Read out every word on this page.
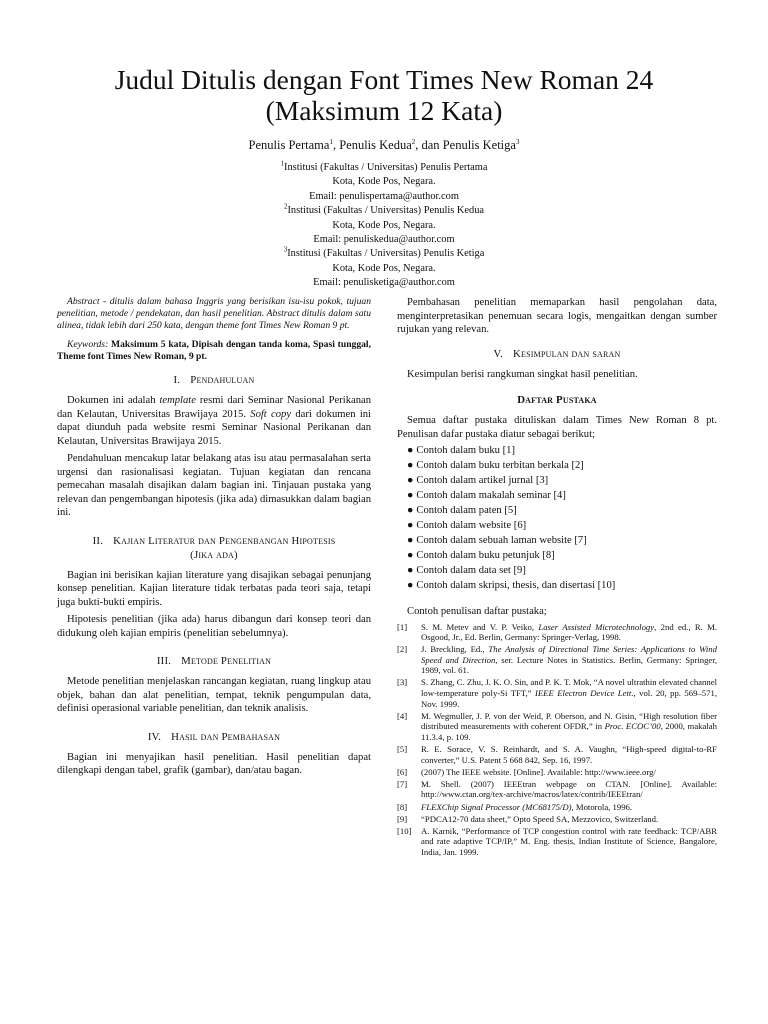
Judul Ditulis dengan Font Times New Roman 24
(Maksimum 12 Kata)
Penulis Pertama$^1$, Penulis Kedua$^2$, dan Penulis Ketiga$^3$
$^1$Institusi (Fakultas / Universitas) Penulis Pertama
Kota, Kode Pos, Negara.
Email: penulispertama@author.com
$^2$Institusi (Fakultas / Universitas) Penulis Kedua
Kota, Kode Pos, Negara.
Email: penuliskedua@author.com
$^3$Institusi (Fakultas / Universitas) Penulis Ketiga
Kota, Kode Pos, Negara.
Email: penulisketiga@author.com

Abstract - ditulis dalam bahasa Inggris yang berisikan isu-isu pokok, tujuan penelitian, metode / pendekatan, dan hasil penelitian. Abstract ditulis dalam satu alinea, tidak lebih dari 250 kata, dengan theme font Times New Roman 9 pt.

Keywords: Maksimum 5 kata, Dipisah dengan tanda koma, Spasi tunggal, Theme font Times New Roman, 9 pt.

I. Pendahuluan

Dokumen ini adalah template resmi dari Seminar Nasional Perikanan dan Kelautan, Universitas Brawijaya 2015. Soft copy dari dokumen ini dapat diunduh pada website resmi Seminar Nasional Perikanan dan Kelautan, Universitas Brawijaya 2015.

Pendahuluan mencakup latar belakang atas isu atau permasalahan serta urgensi dan rasionalisasi kegiatan. Tujuan kegiatan dan rencana pemecahan masalah disajikan dalam bagian ini. Tinjauan pustaka yang relevan dan pengembangan hipotesis (jika ada) dimasukkan dalam bagian ini.

II. Kajian Literatur dan Pengenbangan Hipotesis
(Jika ada)

Bagian ini berisikan kajian literature yang disajikan sebagai penunjang konsep penelitian. Kajian literature tidak terbatas pada teori saja, tetapi juga bukti-bukti empiris.

Hipotesis penelitian (jika ada) harus dibangun dari konsep teori dan didukung oleh kajian empiris (penelitian sebelumnya).

III. Metode Penelitian

Metode penelitian menjelaskan rancangan kegiatan, ruang lingkup atau objek, bahan dan alat penelitian, tempat, teknik pengumpulan data, definisi operasional variable penelitian, dan teknik analisis.

IV. Hasil dan Pembahasan

Bagian ini menyajikan hasil penelitian. Hasil penelitian dapat dilengkapi dengan tabel, grafik (gambar), dan/atau bagan.

Pembahasan penelitian memaparkan hasil pengolahan data, menginterpretasikan penemuan secara logis, mengaitkan dengan sumber rujukan yang relevan.

V. Kesimpulan dan saran

Kesimpulan berisi rangkuman singkat hasil penelitian.

Daftar Pustaka

Semua daftar pustaka dituliskan dalam Times New Roman 8 pt. Penulisan dafar pustaka diatur sebagai berikut;

● Contoh dalam buku [1]
● Contoh dalam buku terbitan berkala [2]
● Contoh dalam artikel jurnal [3]
● Contoh dalam makalah seminar [4]
● Contoh dalam paten [5]
● Contoh dalam website [6]
● Contoh dalam sebuah laman website [7]
● Contoh dalam buku petunjuk [8]
● Contoh dalam data set [9]
● Contoh dalam skripsi, thesis, dan disertasi [10]

Contoh penulisan daftar pustaka;

[1]	S. M. Metev and V. P. Veiko, Laser Assisted Microtechnology, 2nd ed., R. M. Osgood, Jr., Ed. Berlin, Germany: Springer-Verlag, 1998.
[2]	J. Breckling, Ed., The Analysis of Directional Time Series: Applications to Wind Speed and Direction, ser. Lecture Notes in Statistics. Berlin, Germany: Springer, 1989, vol. 61.
[3]	S. Zhang, C. Zhu, J. K. O. Sin, and P. K. T. Mok, “A novel ultrathin elevated channel low-temperature poly-Si TFT,” IEEE Electron Device Lett., vol. 20, pp. 569–571, Nov. 1999.
[4]	M. Wegmuller, J. P. von der Weid, P. Oberson, and N. Gisin, “High resolution fiber distributed measurements with coherent OFDR,” in Proc. ECOC’00, 2000, makalah 11.3.4, p. 109.
[5]	R. E. Sorace, V. S. Reinhardt, and S. A. Vaughn, “High-speed digital-to-RF converter,” U.S. Patent 5 668 842, Sep. 16, 1997.
[6]	(2007) The IEEE website. [Online]. Available: http://www.ieee.org/
[7]	M. Shell. (2007) IEEEtran webpage on CTAN. [Online]. Available: http://www.ctan.org/tex-archive/macros/latex/contrib/IEEEtran/
[8]	FLEXChip Signal Processor (MC68175/D), Motorola, 1996.
[9]	“PDCA12-70 data sheet,” Opto Speed SA, Mezzovico, Switzerland.
[10]	A. Karnik, “Performance of TCP congestion control with rate feedback: TCP/ABR and rate adaptive TCP/IP,” M. Eng. thesis, Indian Institute of Science, Bangalore, India, Jan. 1999.
